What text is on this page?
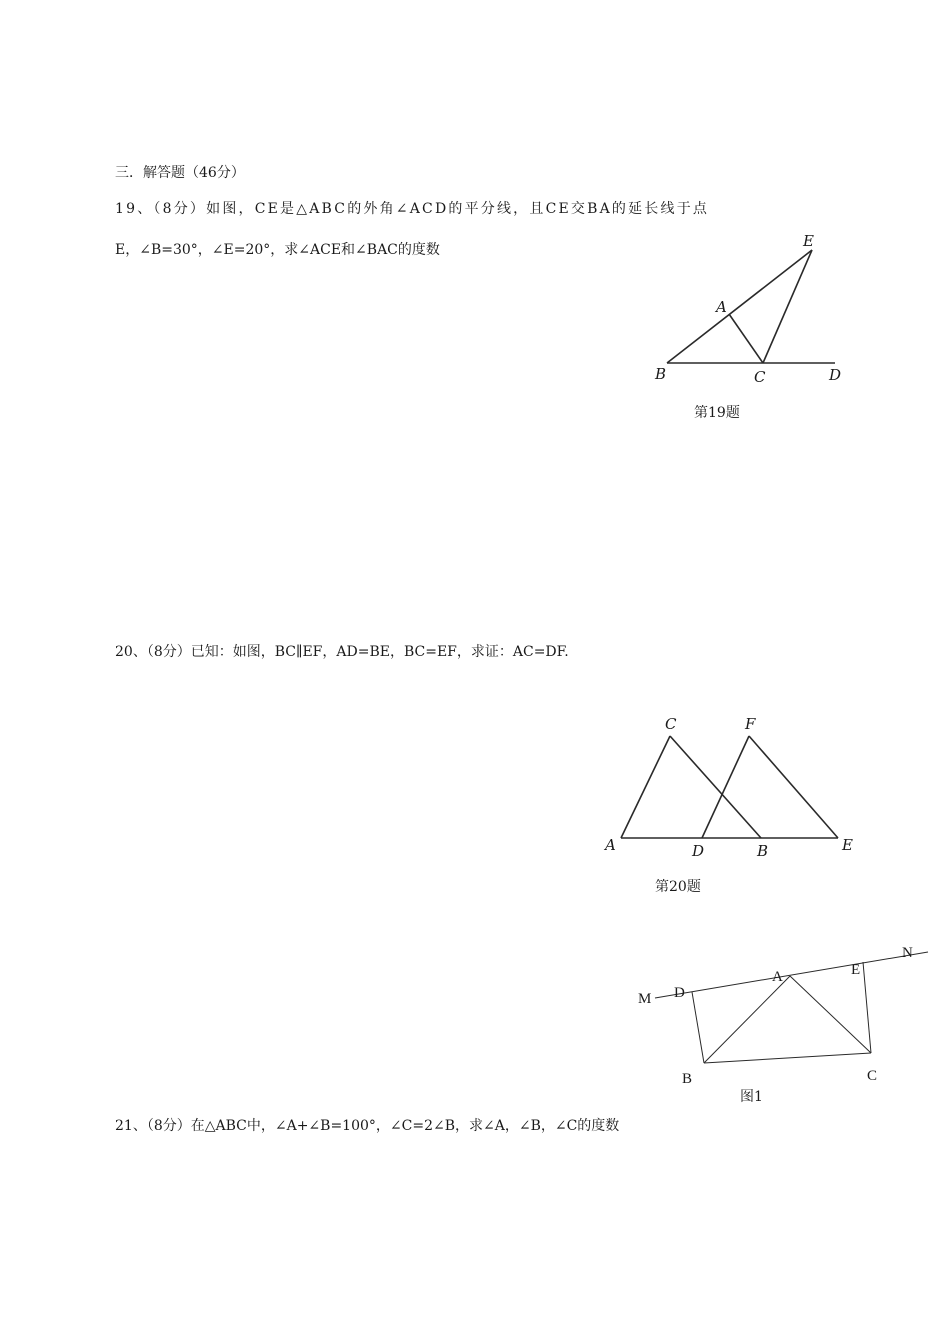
三．解答题（46分）
19、（8分）如图，CE是△ABC的外角∠ACD的平分线，且CE交BA的延长线于点
E，∠B=30°，∠E=20°，求∠ACE和∠BAC的度数
20、（8分）已知：如图，BC∥EF，AD=BE，BC=EF，求证：AC=DF.
21、（8分）在△ABC中，∠A+∠B=100°，∠C=2∠B，求∠A，∠B，∠C的度数
E
A
B	C	D
第19题
C	F
A	D	B	E
第20题
M D
A	E
N
B	C
图1
